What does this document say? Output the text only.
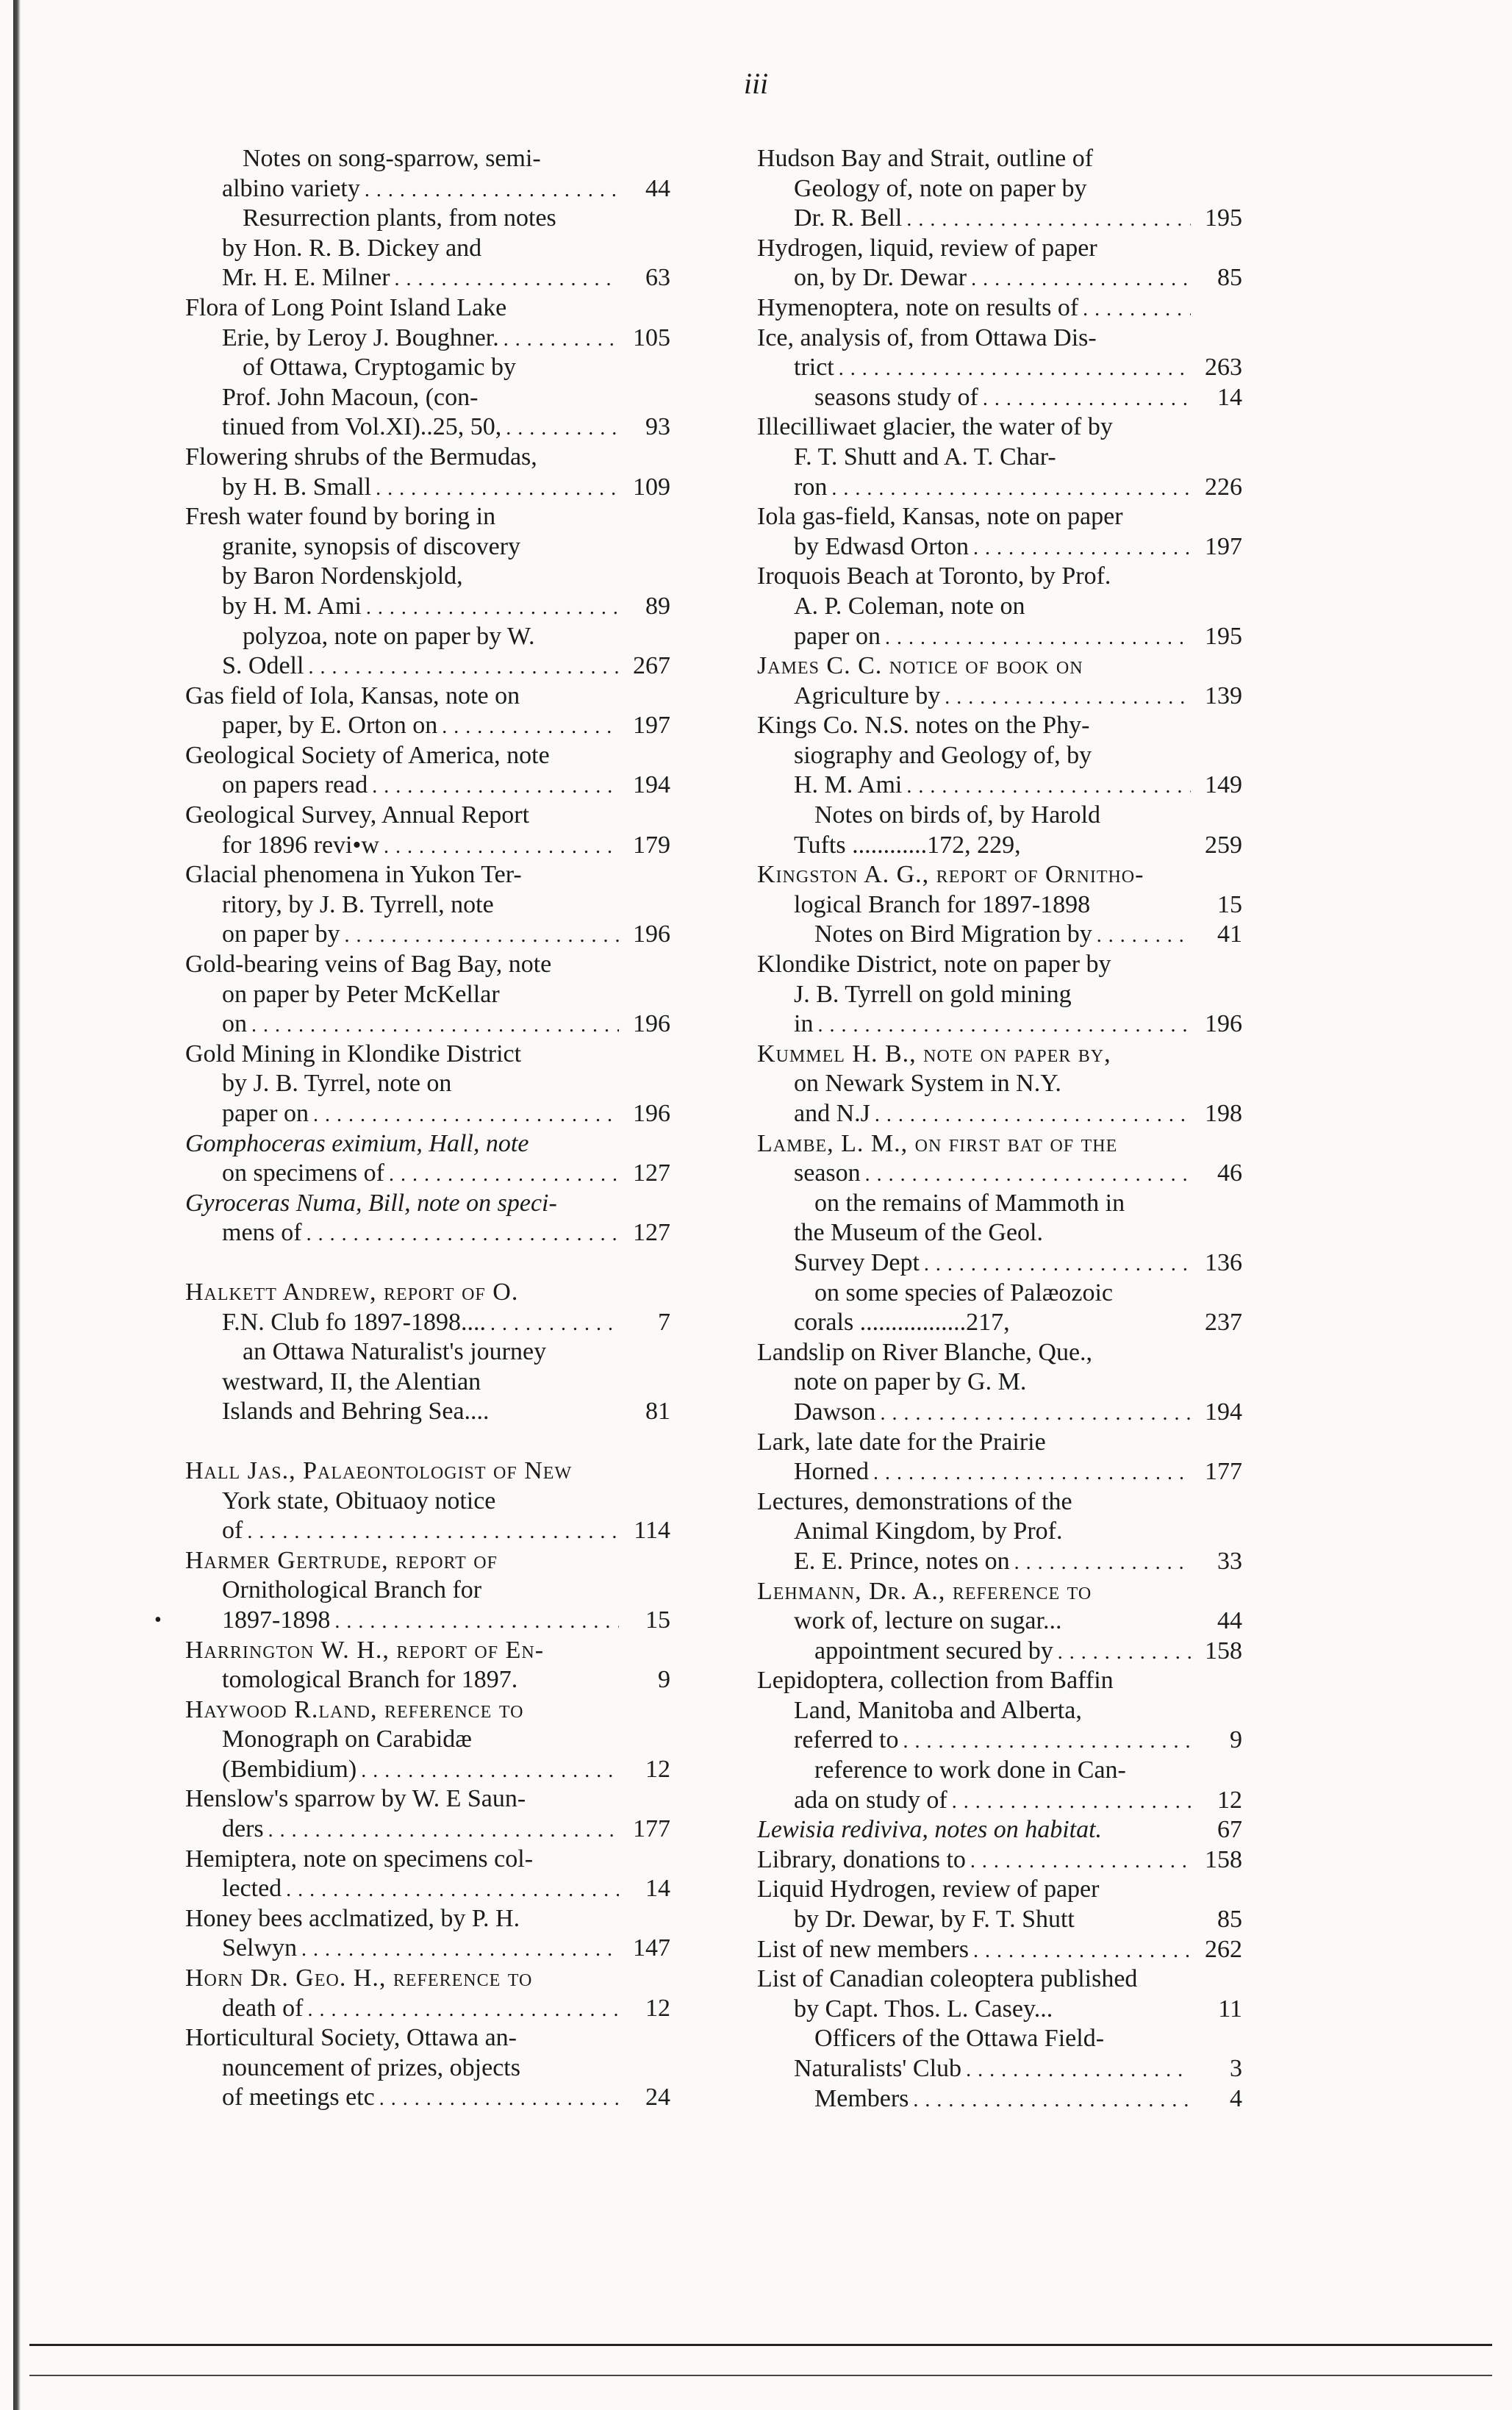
iii
Notes on song-sparrow, semi-
albino variety . .	44
Resurrection plants, from notes
by Hon. R. B. Dickey and
Mr. H. E. Milner . .	63
Flora of Long Point Island Lake
Erie, by Leroy J. Boughner. . .	105
of Ottawa, Cryptogamic by
Prof. John Macoun, (con-
tinued from Vol.XI)..25, 50, . .	93
Flowering shrubs of the Bermudas,
by H. B. Small . .	109
Fresh water found by boring in
granite, synopsis of discovery
by Baron Nordenskjold,
by H. M. Ami . .	89
polyzoa, note on paper by W.
S. Odell . .	267
Gas field of Iola, Kansas, note on
paper, by E. Orton on . .	197
Geological Society of America, note
on papers read . .	194
Geological Survey, Annual Report
for 1896 revi•w . .	179
Glacial phenomena in Yukon Ter-
ritory, by J. B. Tyrrell, note
on paper by . .	196
Gold-bearing veins of Bag Bay, note
on paper by Peter McKellar
on . .	196
Gold Mining in Klondike District
by J. B. Tyrrel, note on
paper on . .	196
Gomphoceras eximium, Hall, note
on specimens of . .	127
Gyroceras Numa, Bill, note on speci-
mens of . .	127
Halkett Andrew, report of O.
F.N. Club fo 1897-1898.... . .	7
an Ottawa Naturalist's journey
westward, II, the Alentian
Islands and Behring Sea....	81
Hall Jas., Palaeontologist of New
York state, Obituaoy notice
of . .	114
Harmer Gertrude, report of
Ornithological Branch for
1897-1898 . .	15
Harrington W. H., report of En-
tomological Branch for 1897.	9
Haywood R.land, reference to
Monograph on Carabidæ
(Bembidium) . .	12
Henslow's sparrow by W. E Saun-
ders . .	177
Hemiptera, note on specimens col-
lected . .	14
Honey bees acclmatized, by P. H.
Selwyn . .	147
Horn Dr. Geo. H., reference to
death of . .	12
Horticultural Society, Ottawa an-
nouncement of prizes, objects
of meetings etc . .	24
Hudson Bay and Strait, outline of
Geology of, note on paper by
Dr. R. Bell . .	195
Hydrogen, liquid, review of paper
on, by Dr. Dewar . .	85
Hymenoptera, note on results of
. .
Ice, analysis of, from Ottawa Dis-
trict . .	263
seasons study of . .	14
Illecilliwaet glacier, the water of by
F. T. Shutt and A. T. Char-
ron . .	226
Iola gas-field, Kansas, note on paper
by Edwasd Orton . .	197
Iroquois Beach at Toronto, by Prof.
A. P. Coleman, note on
paper on . .	195
James C. C. notice of book on
Agriculture by . .	139
Kings Co. N.S. notes on the Phy-
siography and Geology of, by
H. M. Ami . .	149
Notes on birds of, by Harold
Tufts ............172, 229,	259
Kingston A. G., report of Ornitho-
logical Branch for 1897-1898	15
Notes on Bird Migration by . .	41
Klondike District, note on paper by
J. B. Tyrrell on gold mining
in . .	196
Kummel H. B., note on paper by,
on Newark System in N.Y.
and N.J . .	198
Lambe, L. M., on first bat of the
season . .	46
on the remains of Mammoth in
the Museum of the Geol.
Survey Dept . .	136
on some species of Palæozoic
corals .................217,	237
Landslip on River Blanche, Que.,
note on paper by G. M.
Dawson . .	194
Lark, late date for the Prairie
Horned . .	177
Lectures, demonstrations of the
Animal Kingdom, by Prof.
E. E. Prince, notes on . .	33
Lehmann, Dr. A., reference to
work of, lecture on sugar...	44
appointment secured by . .	158
Lepidoptera, collection from Baffin
Land, Manitoba and Alberta,
referred to . .	9
reference to work done in Can-
ada on study of . .	12
Lewisia rediviva, notes on habitat.	67
Library, donations to . .	158
Liquid Hydrogen, review of paper
by Dr. Dewar, by F. T. Shutt	85
List of new members . .	262
List of Canadian coleoptera published
by Capt. Thos. L. Casey...	11
Officers of the Ottawa Field-
Naturalists' Club . .	3
Members . .	4
•
